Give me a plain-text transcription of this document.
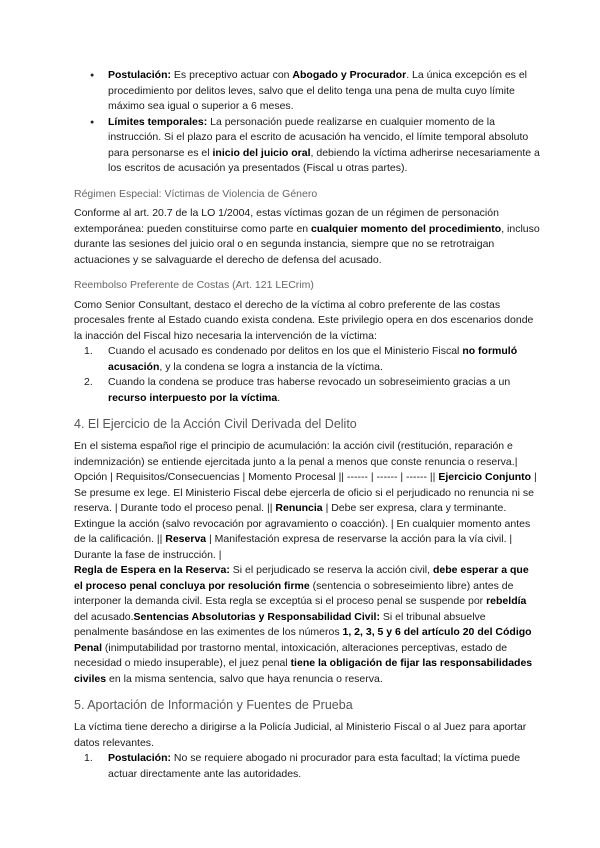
● Postulación: Es preceptivo actuar con Abogado y Procurador. La única excepción es el procedimiento por delitos leves, salvo que el delito tenga una pena de multa cuyo límite máximo sea igual o superior a 6 meses.
● Límites temporales: La personación puede realizarse en cualquier momento de la instrucción. Si el plazo para el escrito de acusación ha vencido, el límite temporal absoluto para personarse es el inicio del juicio oral, debiendo la víctima adherirse necesariamente a los escritos de acusación ya presentados (Fiscal u otras partes).
Régimen Especial: Víctimas de Violencia de Género

Conforme al art. 20.7 de la LO 1/2004, estas víctimas gozan de un régimen de personación extemporánea: pueden constituirse como parte en cualquier momento del procedimiento, incluso durante las sesiones del juicio oral o en segunda instancia, siempre que no se retrotraigan actuaciones y se salvaguarde el derecho de defensa del acusado.

Reembolso Preferente de Costas (Art. 121 LECrim)

Como Senior Consultant, destaco el derecho de la víctima al cobro preferente de las costas procesales frente al Estado cuando exista condena. Este privilegio opera en dos escenarios donde la inacción del Fiscal hizo necesaria la intervención de la víctima:

1. Cuando el acusado es condenado por delitos en los que el Ministerio Fiscal no formuló acusación, y la condena se logra a instancia de la víctima.
2. Cuando la condena se produce tras haberse revocado un sobreseimiento gracias a un recurso interpuesto por la víctima.
4. El Ejercicio de la Acción Civil Derivada del Delito

En el sistema español rige el principio de acumulación: la acción civil (restitución, reparación e indemnización) se entiende ejercitada junto a la penal a menos que conste renuncia o reserva.| Opción | Requisitos/Consecuencias | Momento Procesal || ------ | ------ | ------ || Ejercicio Conjunto | Se presume ex lege. El Ministerio Fiscal debe ejercerla de oficio si el perjudicado no renuncia ni se reserva. | Durante todo el proceso penal. || Renuncia | Debe ser expresa, clara y terminante. Extingue la acción (salvo revocación por agravamiento o coacción). | En cualquier momento antes de la calificación. || Reserva | Manifestación expresa de reservarse la acción para la vía civil. | Durante la fase de instrucción. |

Regla de Espera en la Reserva: Si el perjudicado se reserva la acción civil, debe esperar a que el proceso penal concluya por resolución firme (sentencia o sobreseimiento libre) antes de interponer la demanda civil. Esta regla se exceptúa si el proceso penal se suspende por rebeldía del acusado.Sentencias Absolutorias y Responsabilidad Civil: Si el tribunal absuelve penalmente basándose en las eximentes de los números 1, 2, 3, 5 y 6 del artículo 20 del Código Penal (inimputabilidad por trastorno mental, intoxicación, alteraciones perceptivas, estado de necesidad o miedo insuperable), el juez penal tiene la obligación de fijar las responsabilidades civiles en la misma sentencia, salvo que haya renuncia o reserva.

5. Aportación de Información y Fuentes de Prueba

La víctima tiene derecho a dirigirse a la Policía Judicial, al Ministerio Fiscal o al Juez para aportar datos relevantes.

1. Postulación: No se requiere abogado ni procurador para esta facultad; la víctima puede actuar directamente ante las autoridades.
